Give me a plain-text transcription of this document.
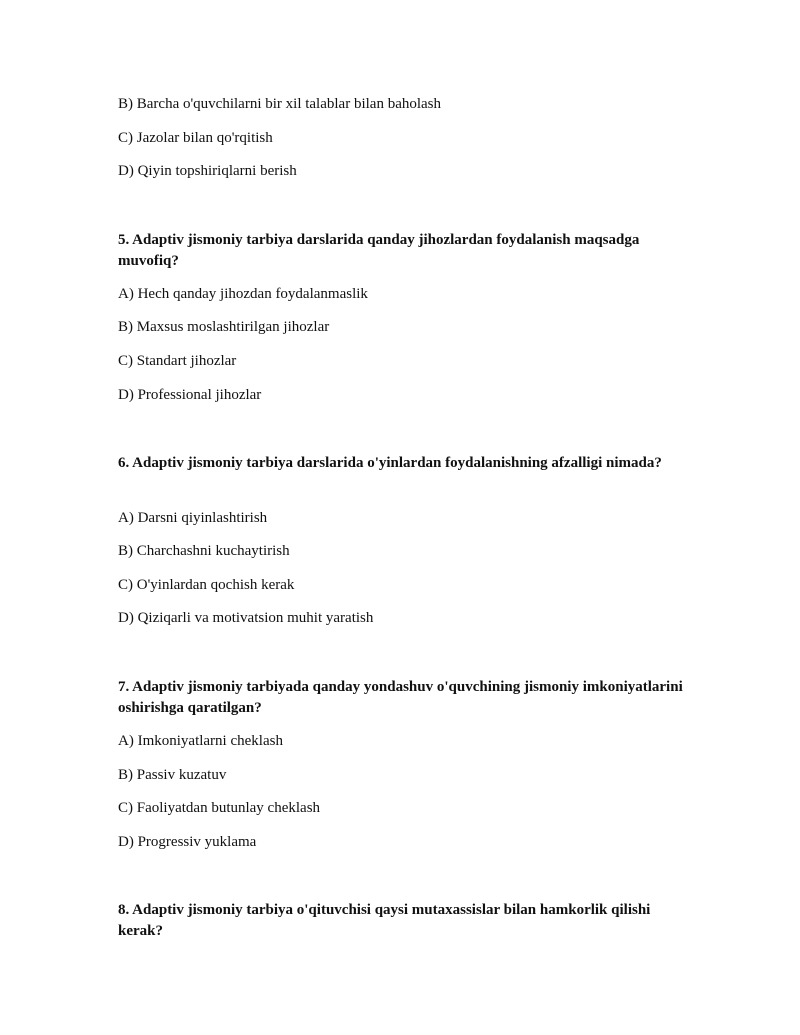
B) Barcha o'quvchilarni bir xil talablar bilan baholash
C) Jazolar bilan qo'rqitish
D) Qiyin topshiriqlarni berish
5. Adaptiv jismoniy tarbiya darslarida qanday jihozlardan foydalanish maqsadga muvofiq?
A) Hech qanday jihozdan foydalanmaslik
B) Maxsus moslashtirilgan jihozlar
C) Standart jihozlar
D) Professional jihozlar
6. Adaptiv jismoniy tarbiya darslarida o'yinlardan foydalanishning afzalligi nimada?
A) Darsni qiyinlashtirish
B) Charchashni kuchaytirish
C) O'yinlardan qochish kerak
D) Qiziqarli va motivatsion muhit yaratish
7. Adaptiv jismoniy tarbiyada qanday yondashuv o'quvchining jismoniy imkoniyatlarini oshirishga qaratilgan?
A) Imkoniyatlarni cheklash
B) Passiv kuzatuv
C) Faoliyatdan butunlay cheklash
D) Progressiv yuklama
8. Adaptiv jismoniy tarbiya o'qituvchisi qaysi mutaxassislar bilan hamkorlik qilishi kerak?
